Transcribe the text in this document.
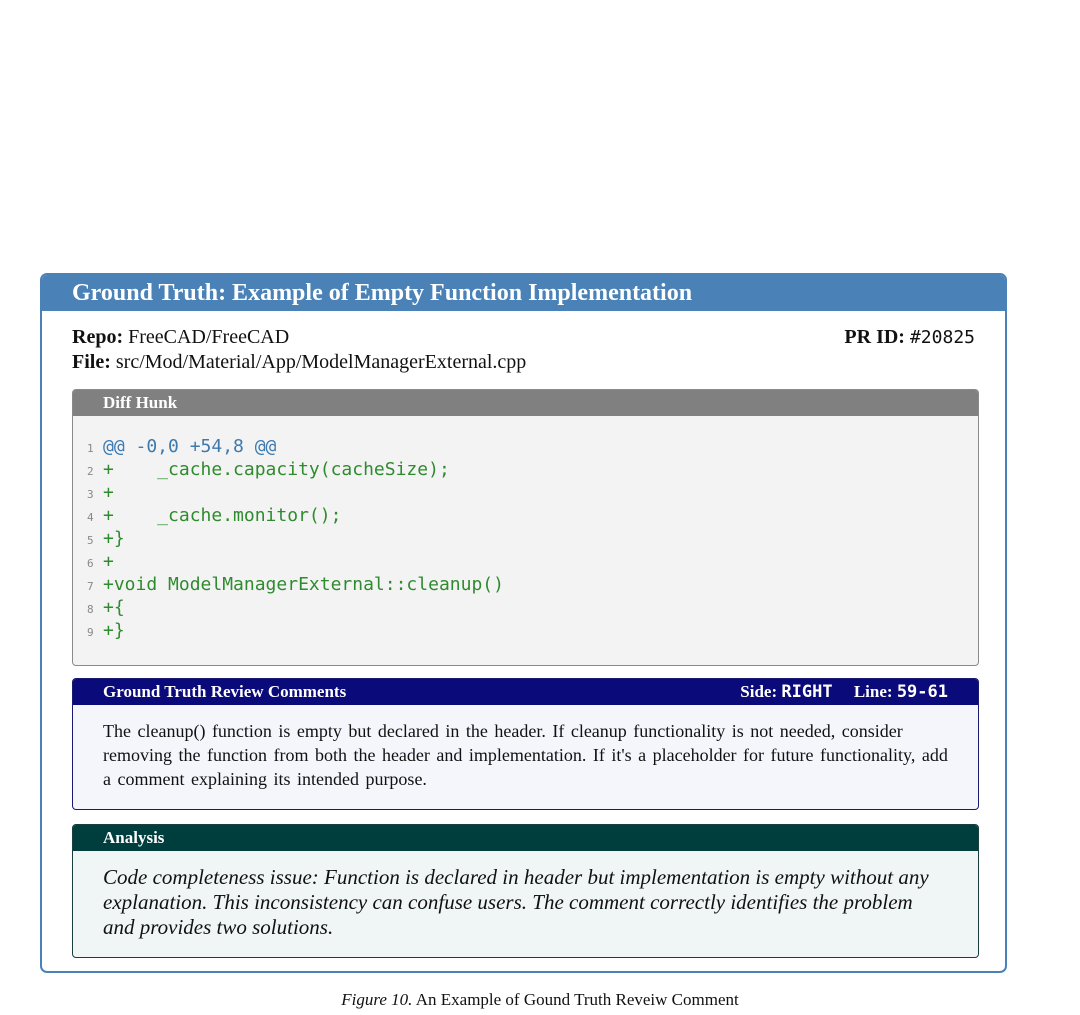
Ground Truth: Example of Empty Function Implementation
Repo: FreeCAD/FreeCAD
File: src/Mod/Material/App/ModelManagerExternal.cpp
PR ID: #20825
Diff Hunk
1 @@ -0,0 +54,8 @@
2 +    _cache.capacity(cacheSize);
3 +
4 +    _cache.monitor();
5 +}
6 +
7 +void ModelManagerExternal::cleanup()
8 +{
9 +}
Ground Truth Review Comments	Side: RIGHT Line: 59-61
The cleanup() function is empty but declared in the header. If cleanup functionality is not needed, consider removing the function from both the header and implementation. If it's a placeholder for future functionality, add a comment explaining its intended purpose.
Analysis
Code completeness issue: Function is declared in header but implementation is empty without any explanation. This inconsistency can confuse users. The comment correctly identifies the problem and provides two solutions.
Figure 10. An Example of Gound Truth Reveiw Comment
